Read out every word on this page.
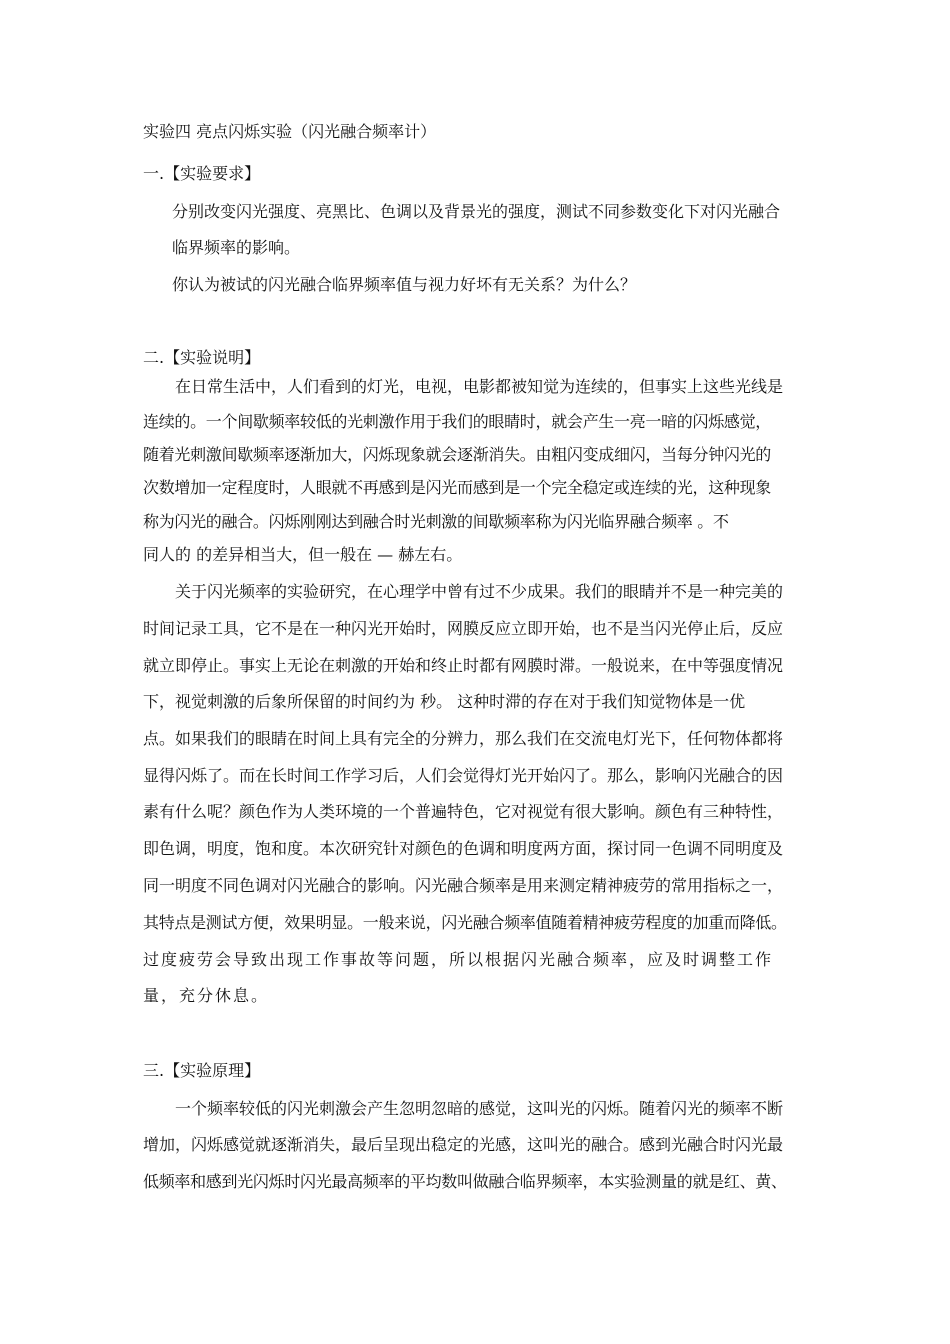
实验四 亮点闪烁实验（闪光融合频率计）
一.【实验要求】
分别改变闪光强度、亮黑比、色调以及背景光的强度，测试不同参数变化下对闪光融合
临界频率的影响。
你认为被试的闪光融合临界频率值与视力好坏有无关系？为什么？
二.【实验说明】
在日常生活中，人们看到的灯光，电视，电影都被知觉为连续的，但事实上这些光线是
连续的。一个间歇频率较低的光刺激作用于我们的眼睛时，就会产生一亮一暗的闪烁感觉，
随着光刺激间歇频率逐渐加大，闪烁现象就会逐渐消失。由粗闪变成细闪，当每分钟闪光的
次数增加一定程度时，人眼就不再感到是闪光而感到是一个完全稳定或连续的光，这种现象
称为闪光的融合。闪烁刚刚达到融合时光刺激的间歇频率称为闪光临界融合频率 。不
同人的 的差异相当大，但一般在 — 赫左右。
关于闪光频率的实验研究，在心理学中曾有过不少成果。我们的眼睛并不是一种完美的
时间记录工具，它不是在一种闪光开始时，网膜反应立即开始，也不是当闪光停止后，反应
就立即停止。事实上无论在刺激的开始和终止时都有网膜时滞。一般说来，在中等强度情况
下，视觉刺激的后象所保留的时间约为 秒。 这种时滞的存在对于我们知觉物体是一优
点。如果我们的眼睛在时间上具有完全的分辨力，那么我们在交流电灯光下，任何物体都将
显得闪烁了。而在长时间工作学习后，人们会觉得灯光开始闪了。那么，影响闪光融合的因
素有什么呢？颜色作为人类环境的一个普遍特色，它对视觉有很大影响。颜色有三种特性，
即色调，明度，饱和度。本次研究针对颜色的色调和明度两方面，探讨同一色调不同明度及
同一明度不同色调对闪光融合的影响。闪光融合频率是用来测定精神疲劳的常用指标之一，
其特点是测试方便，效果明显。一般来说，闪光融合频率值随着精神疲劳程度的加重而降低。
过度疲劳会导致出现工作事故等问题，所以根据闪光融合频率，应及时调整工作
量，充分休息。
三.【实验原理】
一个频率较低的闪光刺激会产生忽明忽暗的感觉，这叫光的闪烁。随着闪光的频率不断
增加，闪烁感觉就逐渐消失，最后呈现出稳定的光感，这叫光的融合。感到光融合时闪光最
低频率和感到光闪烁时闪光最高频率的平均数叫做融合临界频率，本实验测量的就是红、黄、
